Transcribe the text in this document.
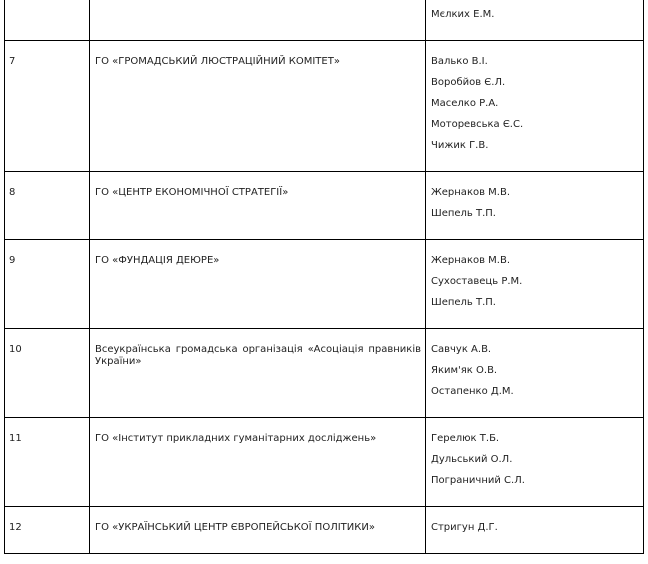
		Мєлких Е.М.

7	ГО «ГРОМАДСЬКИЙ ЛЮСТРАЦІЙНИЙ КОМІТЕТ»	Валько В.І.
Воробйов Є.Л.
Маселко Р.А.
Моторевська Є.С.
Чижик Г.В.

8	ГО «ЦЕНТР ЕКОНОМІЧНОЇ СТРАТЕГІЇ»	Жернаков М.В.
Шепель Т.П.

9	ГО «ФУНДАЦІЯ ДЕЮРЕ»	Жернаков М.В.
Сухоставець Р.М.
Шепель Т.П.

10	Всеукраїнська громадська організація «Асоціація правників України»	Савчук А.В.
Яким'як О.В.
Остапенко Д.М.

11	ГО «Інститут прикладних гуманітарних досліджень»	Герелюк Т.Б.
Дульський О.Л.
Пограничний С.Л.

12	ГО «УКРАЇНСЬКИЙ ЦЕНТР ЄВРОПЕЙСЬКОЇ ПОЛІТИКИ»	Стригун Д.Г.
